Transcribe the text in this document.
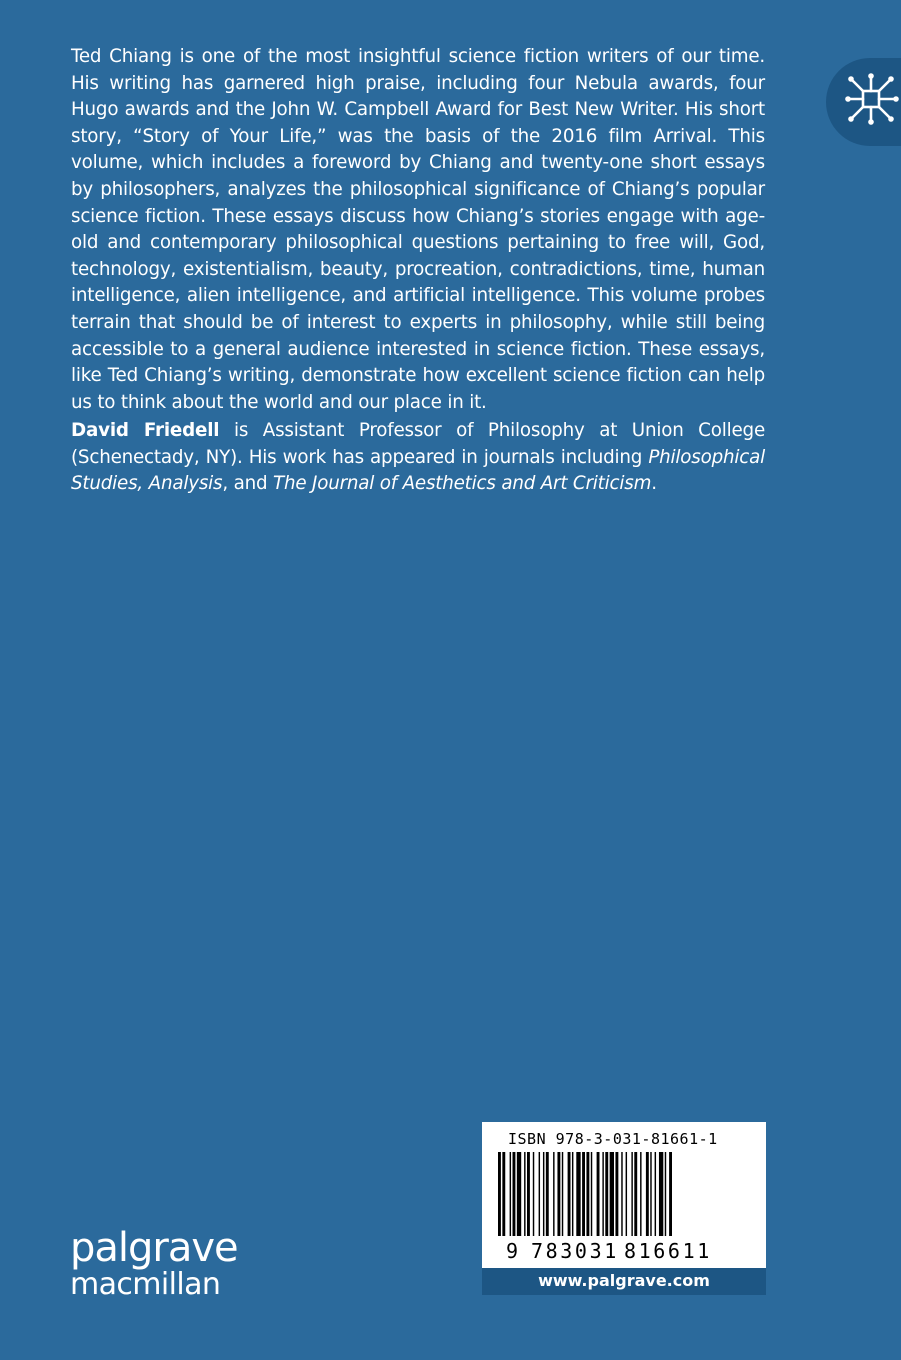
Ted Chiang is one of the most insightful science fiction writers of our time. His writing has garnered high praise, including four Nebula awards, four Hugo awards and the John W. Campbell Award for Best New Writer. His short story, “Story of Your Life,” was the basis of the 2016 film Arrival. This volume, which includes a foreword by Chiang and twenty-one short essays by philosophers, analyzes the philosophical significance of Chiang’s popular science fiction. These essays discuss how Chiang’s stories engage with age-old and contemporary philosophical questions pertaining to free will, God, technology, existentialism, beauty, procreation, contradictions, time, human intelligence, alien intelligence, and artificial intelligence. This volume probes terrain that should be of interest to experts in philosophy, while still being accessible to a general audience interested in science fiction. These essays, like Ted Chiang’s writing, demonstrate how excellent science fiction can help us to think about the world and our place in it.

David Friedell is Assistant Professor of Philosophy at Union College (Schenectady, NY). His work has appeared in journals including Philosophical Studies, Analysis, and The Journal of Aesthetics and Art Criticism.

palgrave
macmillan
ISBN 978-3-031-81661-1
9 783031 816611
www.palgrave.com
